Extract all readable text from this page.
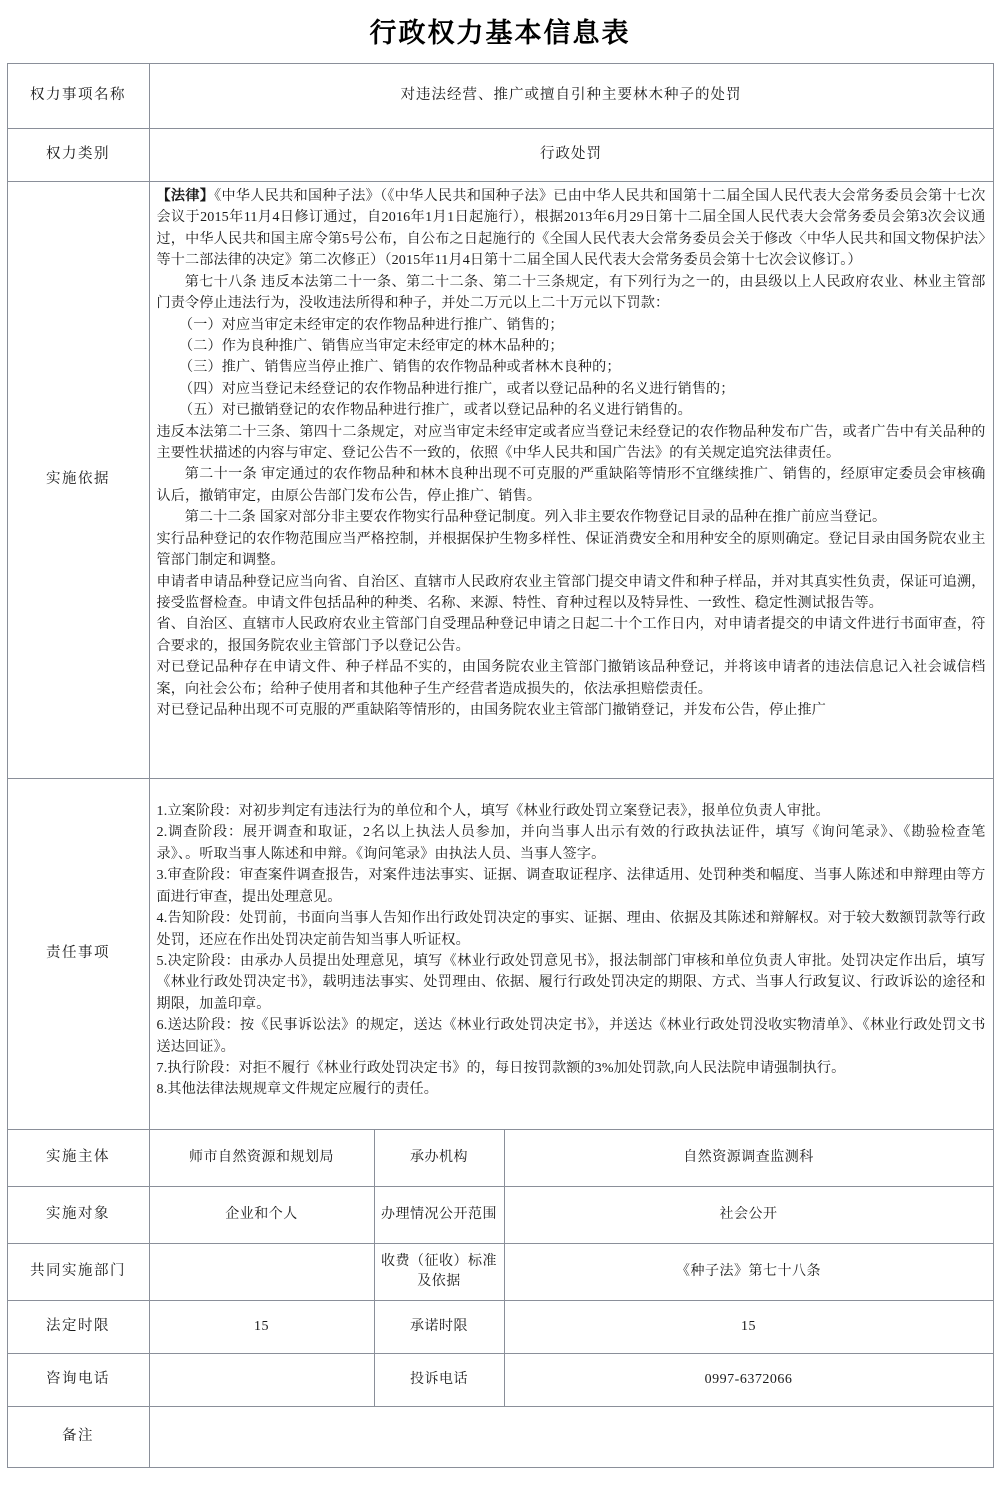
行政权力基本信息表
权力事项名称	对违法经营、推广或擅自引种主要林木种子的处罚		
权力类别	行政处罚		
实施依据	

【法律】《中华人民共和国种子法》（《中华人民共和国种子法》已由中华人民共和国第十二届全国人民代表大会常务委员会第十七次会议于2015年11月4日修订通过，自2016年1月1日起施行），根据2013年6月29日第十二届全国人民代表大会常务委员会第3次会议通过，中华人民共和国主席令第5号公布，自公布之日起施行的《全国人民代表大会常务委员会关于修改〈中华人民共和国文物保护法〉等十二部法律的决定》第二次修正）（2015年11月4日第十二届全国人民代表大会常务委员会第十七次会议修订。）

第七十八条 违反本法第二十一条、第二十二条、第二十三条规定，有下列行为之一的，由县级以上人民政府农业、林业主管部门责令停止违法行为，没收违法所得和种子，并处二万元以上二十万元以下罚款：

（一）对应当审定未经审定的农作物品种进行推广、销售的；

（二）作为良种推广、销售应当审定未经审定的林木品种的；

（三）推广、销售应当停止推广、销售的农作物品种或者林木良种的；

（四）对应当登记未经登记的农作物品种进行推广，或者以登记品种的名义进行销售的；

（五）对已撤销登记的农作物品种进行推广，或者以登记品种的名义进行销售的。

违反本法第二十三条、第四十二条规定，对应当审定未经审定或者应当登记未经登记的农作物品种发布广告，或者广告中有关品种的主要性状描述的内容与审定、登记公告不一致的，依照《中华人民共和国广告法》的有关规定追究法律责任。

第二十一条 审定通过的农作物品种和林木良种出现不可克服的严重缺陷等情形不宜继续推广、销售的，经原审定委员会审核确认后，撤销审定，由原公告部门发布公告，停止推广、销售。

第二十二条 国家对部分非主要农作物实行品种登记制度。列入非主要农作物登记目录的品种在推广前应当登记。

实行品种登记的农作物范围应当严格控制，并根据保护生物多样性、保证消费安全和用种安全的原则确定。登记目录由国务院农业主管部门制定和调整。

申请者申请品种登记应当向省、自治区、直辖市人民政府农业主管部门提交申请文件和种子样品，并对其真实性负责，保证可追溯，接受监督检查。申请文件包括品种的种类、名称、来源、特性、育种过程以及特异性、一致性、稳定性测试报告等。

省、自治区、直辖市人民政府农业主管部门自受理品种登记申请之日起二十个工作日内，对申请者提交的申请文件进行书面审查，符合要求的，报国务院农业主管部门予以登记公告。

对已登记品种存在申请文件、种子样品不实的，由国务院农业主管部门撤销该品种登记，并将该申请者的违法信息记入社会诚信档案，向社会公布；给种子使用者和其他种子生产经营者造成损失的，依法承担赔偿责任。

对已登记品种出现不可克服的严重缺陷等情形的，由国务院农业主管部门撤销登记，并发布公告，停止推广

责任事项	

1.立案阶段：对初步判定有违法行为的单位和个人，填写《林业行政处罚立案登记表》，报单位负责人审批。

2.调查阶段：展开调查和取证，2名以上执法人员参加，并向当事人出示有效的行政执法证件，填写《询问笔录》、《勘验检查笔录》、。听取当事人陈述和申辩。《询问笔录》由执法人员、当事人签字。

3.审查阶段：审查案件调查报告，对案件违法事实、证据、调查取证程序、法律适用、处罚种类和幅度、当事人陈述和申辩理由等方面进行审查，提出处理意见。

4.告知阶段：处罚前，书面向当事人告知作出行政处罚决定的事实、证据、理由、依据及其陈述和辩解权。对于较大数额罚款等行政处罚，还应在作出处罚决定前告知当事人听证权。

5.决定阶段：由承办人员提出处理意见，填写《林业行政处罚意见书》，报法制部门审核和单位负责人审批。处罚决定作出后，填写《林业行政处罚决定书》，载明违法事实、处罚理由、依据、履行行政处罚决定的期限、方式、当事人行政复议、行政诉讼的途径和期限，加盖印章。

6.送达阶段：按《民事诉讼法》的规定，送达《林业行政处罚决定书》，并送达《林业行政处罚没收实物清单》、《林业行政处罚文书送达回证》。

7.执行阶段：对拒不履行《林业行政处罚决定书》的，每日按罚款额的3%加处罚款,向人民法院申请强制执行。

8.其他法律法规规章文件规定应履行的责任。

实施主体	师市自然资源和规划局	承办机构	自然资源调查监测科
实施对象	企业和个人	办理情况公开范围	社会公开
共同实施部门		收费（征收）标准及依据	《种子法》第七十八条
法定时限	15	承诺时限	15
咨询电话		投诉电话	0997-6372066
备注			
